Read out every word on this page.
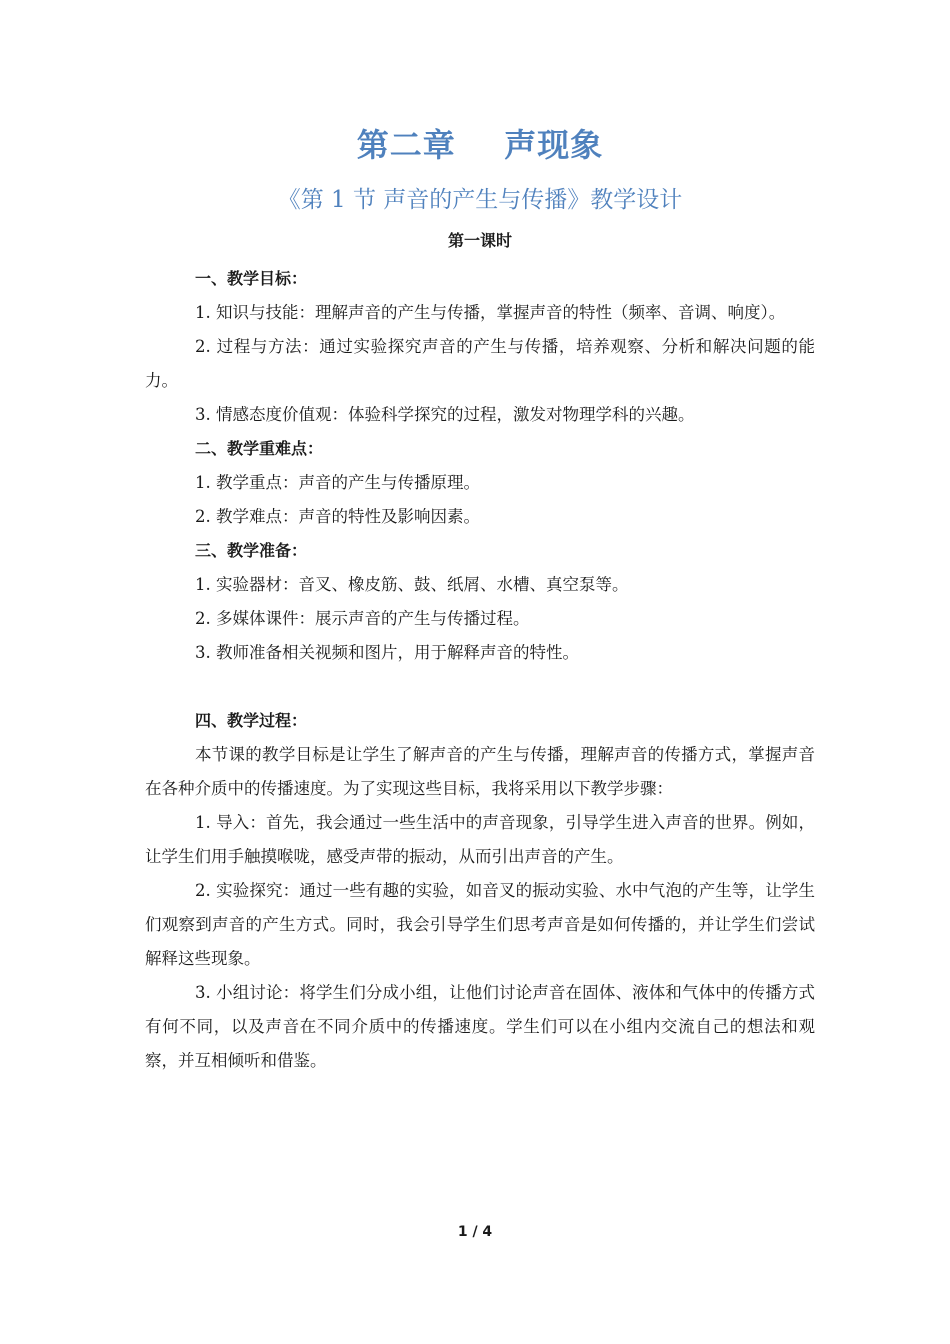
第二章    声现象
《第 1 节 声音的产生与传播》教学设计
第一课时
一、教学目标：

1. 知识与技能：理解声音的产生与传播，掌握声音的特性（频率、音调、响度）。

2. 过程与方法：通过实验探究声音的产生与传播，培养观察、分析和解决问题的能力。

3. 情感态度价值观：体验科学探究的过程，激发对物理学科的兴趣。
二、教学重难点：
1. 教学重点：声音的产生与传播原理。
2. 教学难点：声音的特性及影响因素。
三、教学准备：
1. 实验器材：音叉、橡皮筋、鼓、纸屑、水槽、真空泵等。
2. 多媒体课件：展示声音的产生与传播过程。
3. 教师准备相关视频和图片，用于解释声音的特性。
四、教学过程：

本节课的教学目标是让学生了解声音的产生与传播，理解声音的传播方式，掌握声音在各种介质中的传播速度。为了实现这些目标，我将采用以下教学步骤：

1. 导入：首先，我会通过一些生活中的声音现象，引导学生进入声音的世界。例如，让学生们用手触摸喉咙，感受声带的振动，从而引出声音的产生。

2. 实验探究：通过一些有趣的实验，如音叉的振动实验、水中气泡的产生等，让学生们观察到声音的产生方式。同时，我会引导学生们思考声音是如何传播的，并让学生们尝试解释这些现象。

3. 小组讨论：将学生们分成小组，让他们讨论声音在固体、液体和气体中的传播方式有何不同，以及声音在不同介质中的传播速度。学生们可以在小组内交流自己的想法和观察，并互相倾听和借鉴。

1 / 4
